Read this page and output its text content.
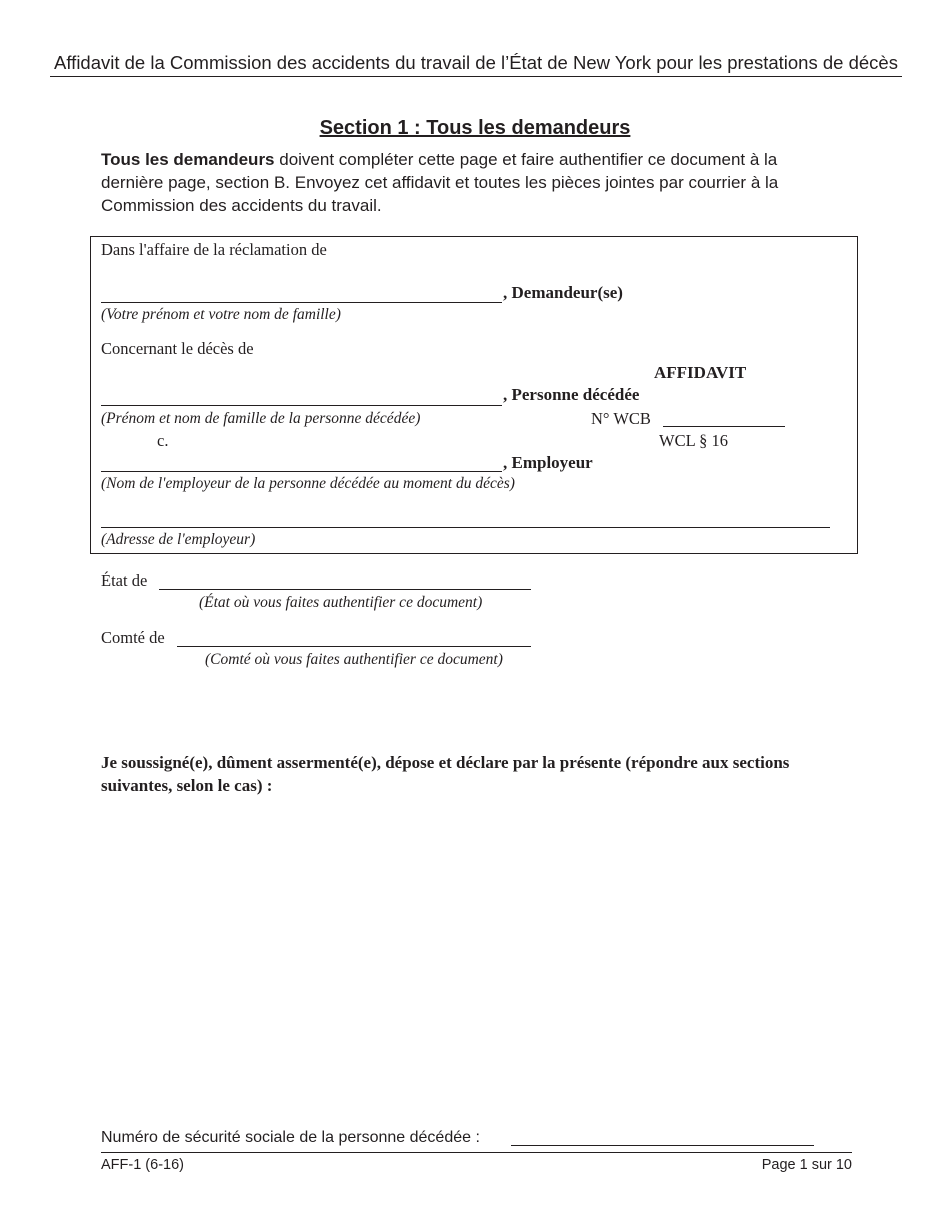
Affidavit de la Commission des accidents du travail de l’État de New York pour les prestations de décès
Section 1 : Tous les demandeurs
Tous les demandeurs doivent compléter cette page et faire authentifier ce document à la dernière page, section B. Envoyez cet affidavit et toutes les pièces jointes par courrier à la Commission des accidents du travail.
Dans l'affaire de la réclamation de
, Demandeur(se)
(Votre prénom et votre nom de famille)
Concernant le décès de
AFFIDAVIT
, Personne décédée
(Prénom et nom de famille de la personne décédée)	N° WCB
c.	WCL § 16
, Employeur
(Nom de l'employeur de la personne décédée au moment du décès)
(Adresse de l'employeur)
État de
(État où vous faites authentifier ce document)
Comté de
(Comté où vous faites authentifier ce document)
Je soussigné(e), dûment assermenté(e), dépose et déclare par la présente (répondre aux sections suivantes, selon le cas) :
Numéro de sécurité sociale de la personne décédée :
AFF-1 (6-16)	Page 1 sur 10
